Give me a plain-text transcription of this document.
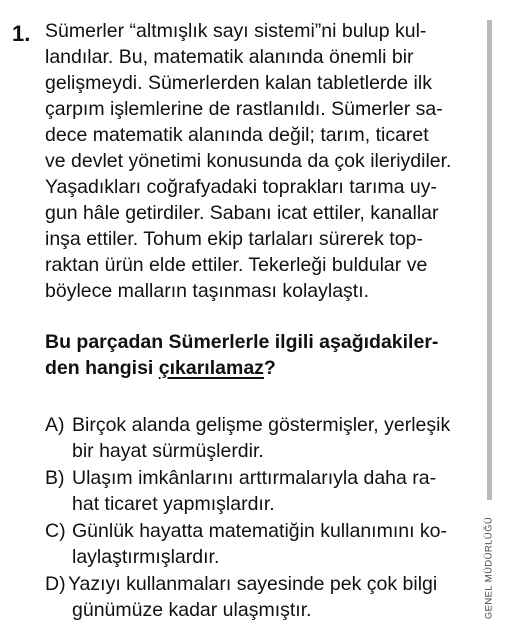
1. Sümerler “altmışlık sayı sistemi”ni bulup kul-
landılar. Bu, matematik alanında önemli bir
gelişmeydi. Sümerlerden kalan tabletlerde ilk
çarpım işlemlerine de rastlanıldı. Sümerler sa-
dece matematik alanında değil; tarım, ticaret
ve devlet yönetimi konusunda da çok ileriydiler.
Yaşadıkları coğrafyadaki toprakları tarıma uy-
gun hâle getirdiler. Sabanı icat ettiler, kanallar
inşa ettiler. Tohum ekip tarlaları sürerek top-
raktan ürün elde ettiler. Tekerleği buldular ve
böylece malların taşınması kolaylaştı.
Bu parçadan Sümerlerle ilgili aşağıdakiler-
den hangisi çıkarılamaz?
A) Birçok alanda gelişme göstermişler, yerleşik
bir hayat sürmüşlerdir.
B) Ulaşım imkânlarını arttırmalarıyla daha ra-
hat ticaret yapmışlardır.
C) Günlük hayatta matematiğin kullanımını ko-
laylaştırmışlardır.
D) Yazıyı kullanmaları sayesinde pek çok bilgi
günümüze kadar ulaşmıştır.	GENEL MÜDÜRLÜĞÜ
